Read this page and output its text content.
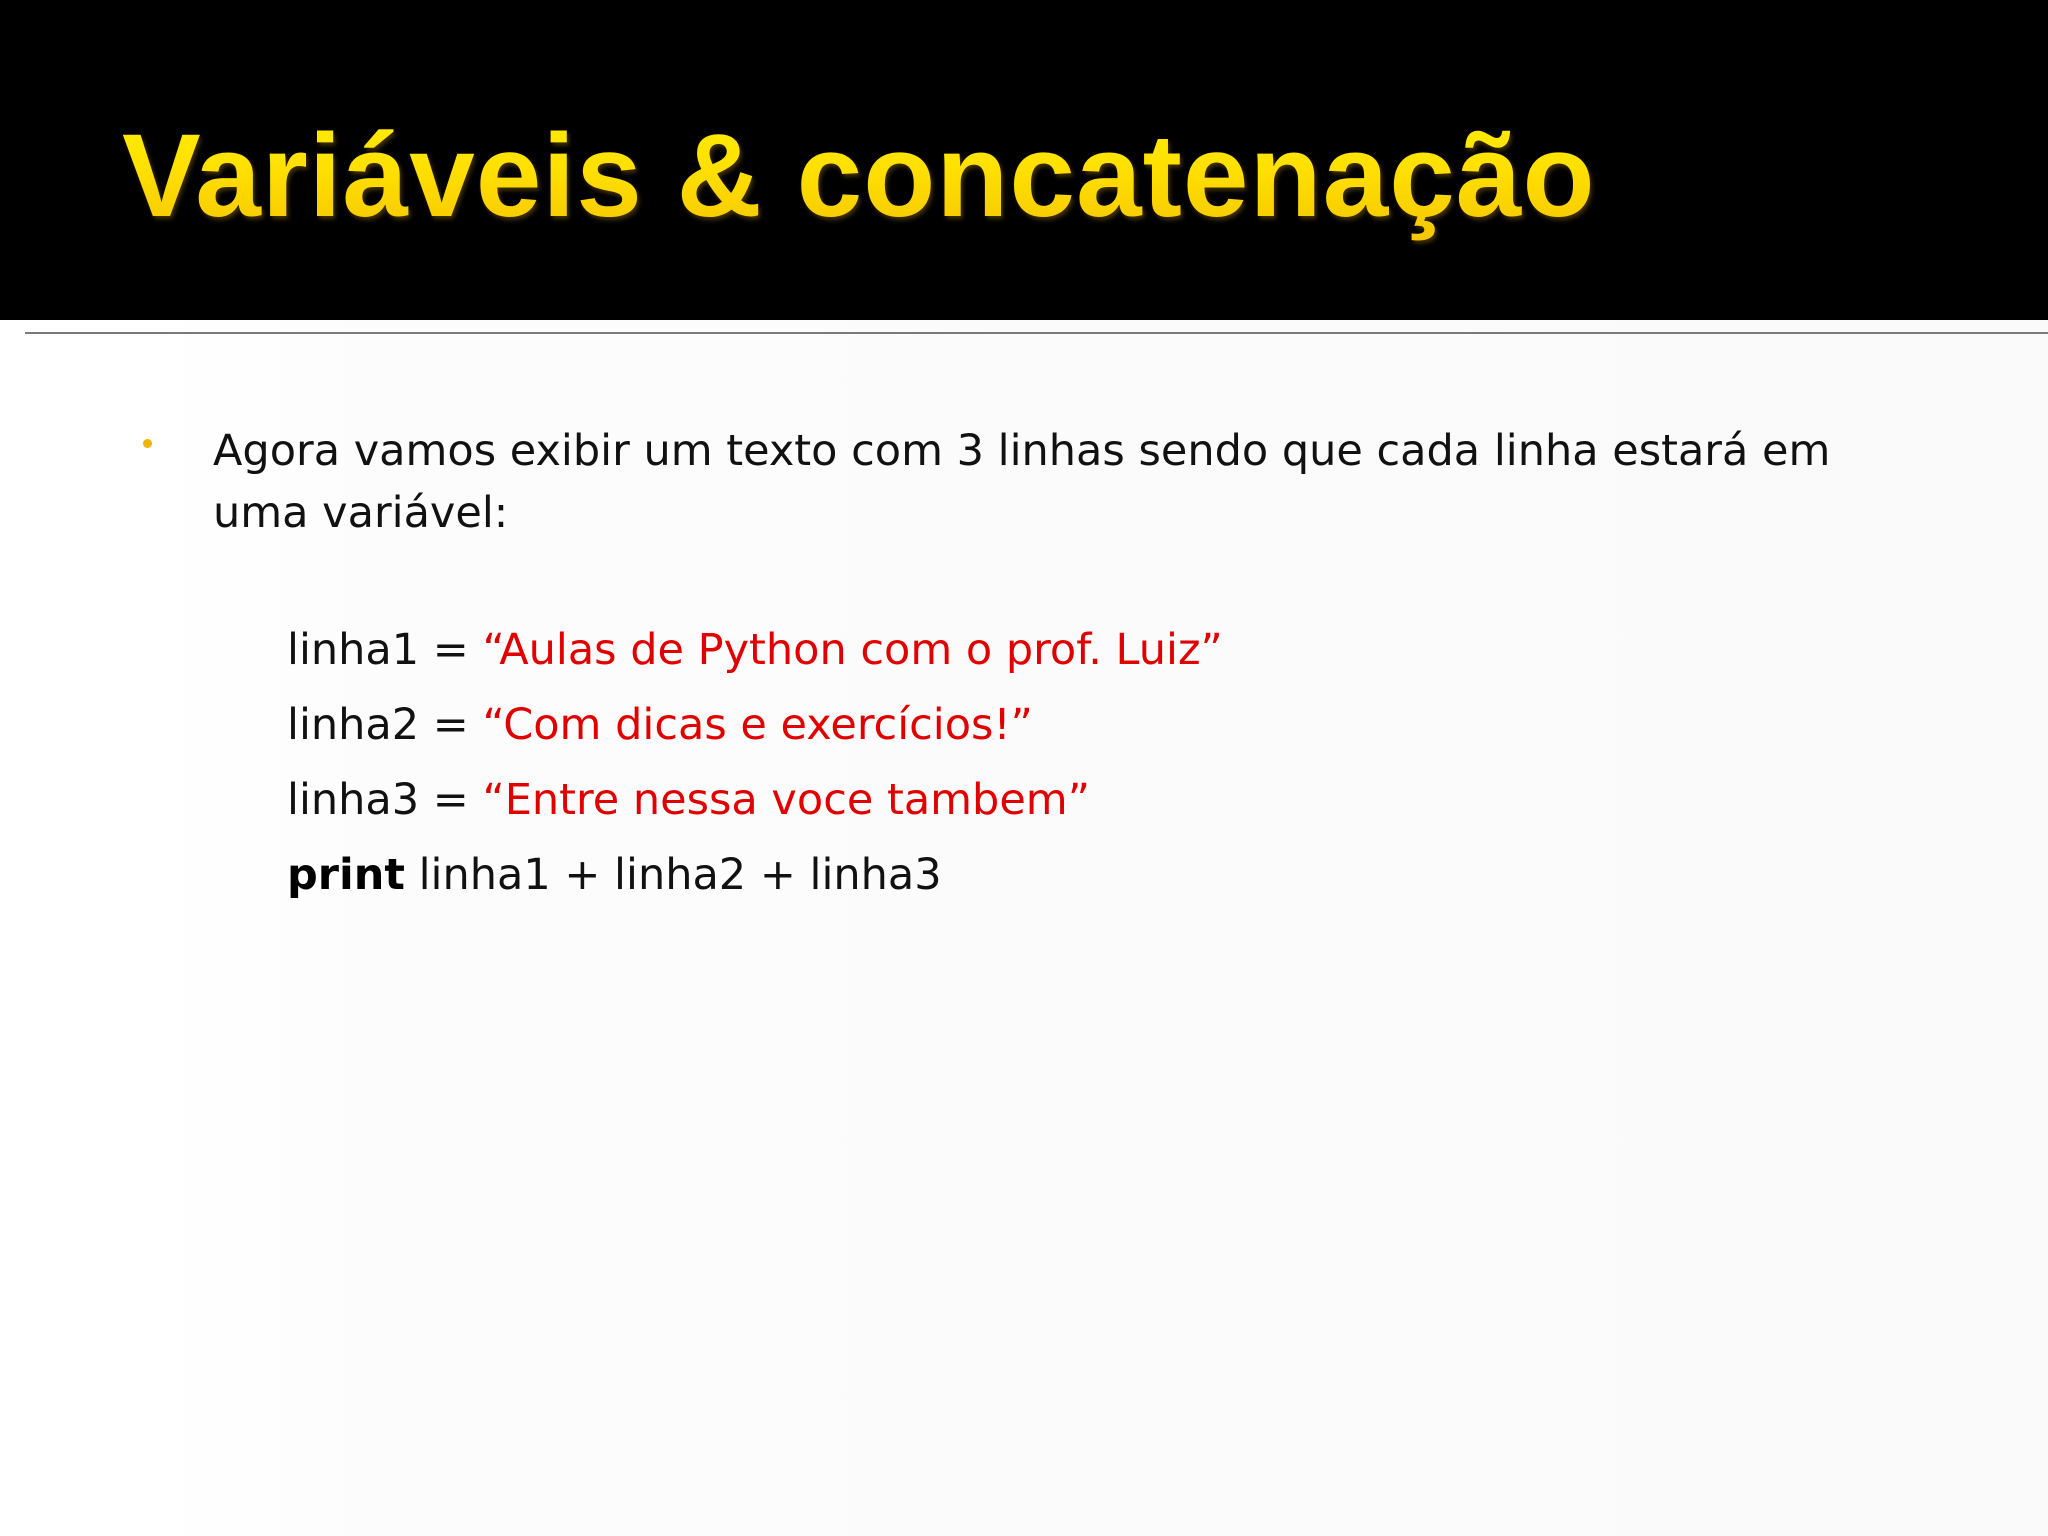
Variáveis & concatenação

Agora vamos exibir um texto com 3 linhas sendo que cada linha estará em uma variável:

linha1 = “Aulas de Python com o prof. Luiz”
linha2 = “Com dicas e exercícios!”
linha3 = “Entre nessa voce tambem”
print linha1 + linha2 + linha3
